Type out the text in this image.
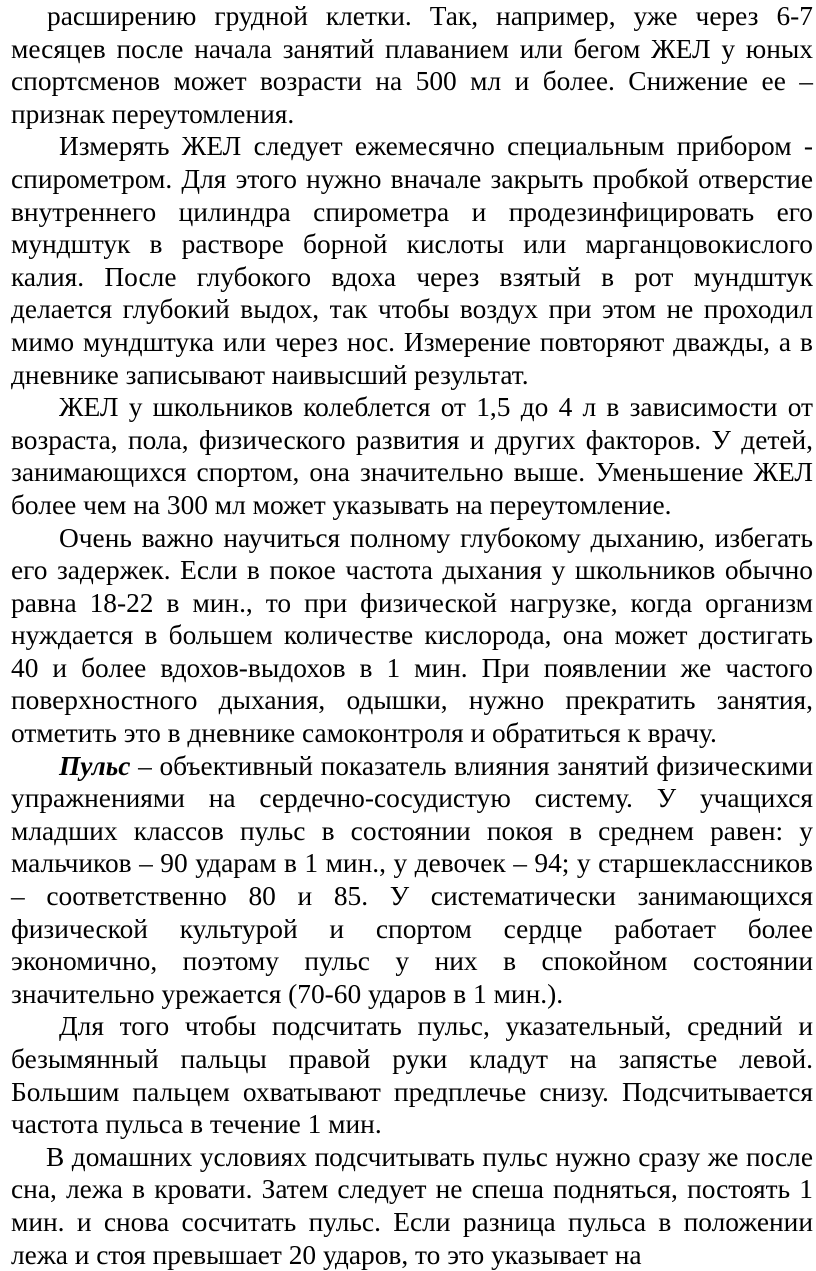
расширению грудной клетки. Так, например, уже через 6-7 месяцев после начала занятий плаванием или бегом ЖЕЛ у юных спортсменов может возрасти на 500 мл и более. Снижение ее – признак переутомления.

Измерять ЖЕЛ следует ежемесячно специальным прибором - спирометром. Для этого нужно вначале закрыть пробкой отверстие внутреннего цилиндра спирометра и продезинфицировать его мундштук в растворе борной кислоты или марганцовокислого калия. После глубокого вдоха через взятый в рот мундштук делается глубокий выдох, так чтобы воздух при этом не проходил мимо мундштука или через нос. Измерение повторяют дважды, а в дневнике записывают наивысший результат.

ЖЕЛ у школьников колеблется от 1,5 до 4 л в зависимости от возраста, пола, физического развития и других факторов. У детей, занимающихся спортом, она значительно выше. Уменьшение ЖЕЛ более чем на 300 мл может указывать на переутомление.

Очень важно научиться полному глубокому дыханию, избегать его задержек. Если в покое частота дыхания у школьников обычно равна 18-22 в мин., то при физической нагрузке, когда организм нуждается в большем количестве кислорода, она может достигать 40 и более вдохов-выдохов в 1 мин. При появлении же частого поверхностного дыхания, одышки, нужно прекратить занятия, отметить это в дневнике самоконтроля и обратиться к врачу.

Пульс – объективный показатель влияния занятий физическими упражнениями на сердечно-сосудистую систему. У учащихся младших классов пульс в состоянии покоя в среднем равен: у мальчиков – 90 ударам в 1 мин., у девочек – 94; у старшеклассников – соответственно 80 и 85. У систематически занимающихся физической культурой и спортом сердце работает более экономично, поэтому пульс у них в спокойном состоянии значительно урежается (70-60 ударов в 1 мин.).

Для того чтобы подсчитать пульс, указательный, средний и безымянный пальцы правой руки кладут на запястье левой. Большим пальцем охватывают предплечье снизу. Подсчитывается частота пульса в течение 1 мин.

В домашних условиях подсчитывать пульс нужно сразу же после сна, лежа в кровати. Затем следует не спеша подняться, постоять 1 мин. и снова сосчитать пульс. Если разница пульса в положении лежа и стоя превышает 20 ударов, то это указывает на
